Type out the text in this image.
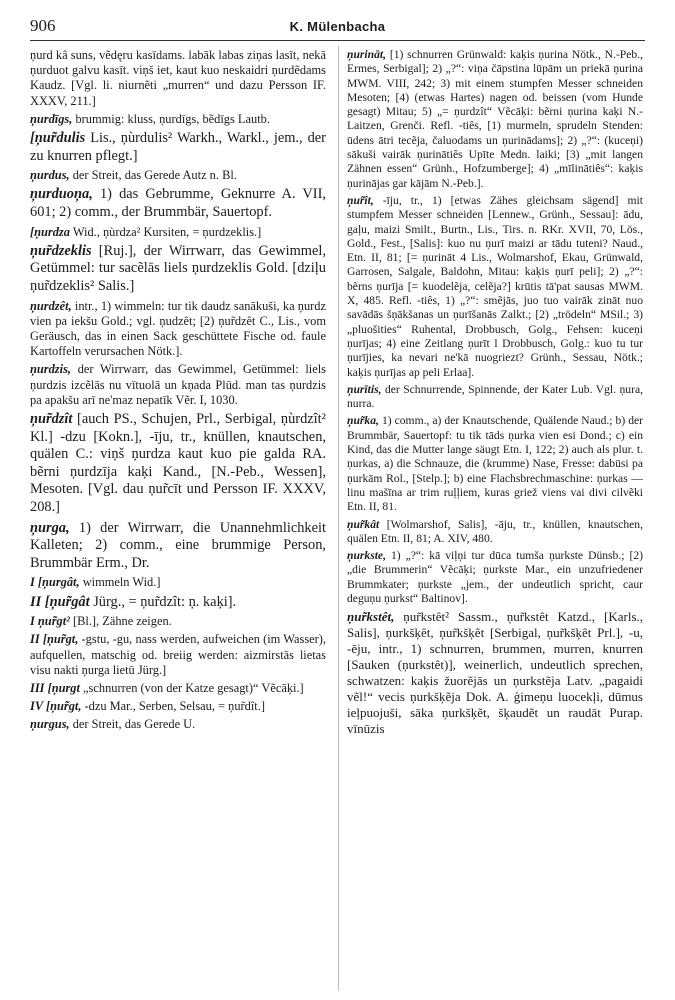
906	K. Mülenbacha

ņurd kâ suns, vẽdęru kasīdams. labāk labas ziņas lasīt, nekā ņurduot galvu kasīt. viņš iet, kaut kuo neskaidri ņurdẽdams Kaudz. [Vgl. li. niurnẽti „murren“ und dazu Persson IF. XXXV, 211.]

ņurdīgs, brummig: kluss, ņurdīgs, bẽdīgs Lautb.

[ņur̃dulis Lis., ņùrdulis² Warkh., Warkl., jem., der zu knurren pflegt.]

ņurdus, der Streit, das Gerede Autz n. Bl.

ņurduoņa, 1) das Gebrumme, Geknurre A. VII, 601; 2) comm., der Brummbär, Sauertopf.

[ņurdza Wid., ņùrdza² Kursiten, = ņurdzeklis.]

ņur̃dzeklis [Ruj.], der Wirrwarr, das Gewimmel, Getümmel: tur sacẽlās liels ņurdzeklis Gold. [dziļu ņur̃dzeklis² Salis.]

ņurdzêt, intr., 1) wimmeln: tur tik daudz sanākuši, ka ņurdz vien pa iekšu Gold.; vgl. ņudzêt; [2) ņur̃dzêt C., Lis., vom Geräusch, das in einen Sack geschüttete Fische od. faule Kartoffeln verursachen Nötk.].

ņurdzis, der Wirrwarr, das Gewimmel, Getümmel: liels ņurdzis izcẽlās nu vītuolā un kņada Plūd. man tas ņurdzis pa apakšu arī ne'maz nepatīk Vẽr. I, 1030.

ņur̃dzît [auch PS., Schujen, Prl., Serbigal, ņùrdzît² Kl.] -dzu [Kokn.], -īju, tr., knüllen, knautschen, quälen C.: viņš ņurdza kaut kuo pie galda RA. bẽrni ņurdzīja kaķi Kand., [N.-Peb., Wessen], Mesoten. [Vgl. dau ņur̃cīt und Persson IF. XXXV, 208.]

ņurga, 1) der Wirrwarr, die Unannehmlichkeit Kalleten; 2) comm., eine brummige Person, Brummbär Erm., Dr.

I [ņurgât, wimmeln Wid.]

II [ņur̃gât Jürg., = ņur̃dzît: ņ. kaķi].

I ņur̃gt² [Bl.], Zähne zeigen.

II [ņur̃gt, -gstu, -gu, nass werden, aufweichen (im Wasser), aufquellen, matschig od. breiig werden: aizmirstās lietas visu nakti ņurga lietū Jürg.]

III [ņurgt „schnurren (von der Katze gesagt)“ Vẽcāķi.]

IV [ņur̃gt, -dzu Mar., Serben, Selsau, = ņur̃dît.]

ņurgus, der Streit, das Gerede U.

ņurināt, [1) schnurren Grünwald: kaķis ņurina Nötk., N.-Peb., Ermes, Serbigal]; 2) „?“: viņa čāpstina lūpām un priekā ņurina MWM. VIII, 242; 3) mit einem stumpfen Messer schneiden Mesoten; [4) (etwas Hartes) nagen od. beissen (vom Hunde gesagt) Mitau; 5) „= ņurdzît“ Vẽcāķi: bẽrni ņurina kaķi N.-Laitzen, Grenči. Refl. -tiês, [1) murmeln, sprudeln Stenden: ūdens ātri tecẽja, čaluodams un ņurinādams]; 2) „?“: (kuceņi) sākuši vairāk ņurinātiês Upīte Medn. laiki; [3) „mit langen Zähnen essen“ Grünh., Hofzumberge]; 4) „mīlinātiês“: kaķis ņurinājas gar kājām N.-Peb.].

ņur̃ît, -īju, tr., 1) [etwas Zähes gleichsam sägend] mit stumpfem Messer schneiden [Lennew., Grünh., Sessau]: ādu, gaļu, maizi Smilt., Burtn., Lis., Tirs. n. RKr. XVII, 70, Lös., Gold., Fest., [Salis]: kuo nu ņurī maizi ar tādu tuteni? Naud., Etn. II, 81; [= ņurināt 4 Lis., Wolmarshof, Ekau, Grünwald, Garrosen, Salgale, Baldohn, Mitau: kaķis ņurī peli]; 2) „?“: bẽrns ņurīja [= kuodelẽja, celẽja?] krūtis tā'pat sausas MWM. X, 485. Refl. -tiês, 1) „?“: smẽjās, juo tuo vairāk zināt nuo savādās šņākšanas un ņurīšanās Zalkt.; [2) „trödeln“ MSil.; 3) „pluošities“ Ruhental, Drobbusch, Golg., Fehsen: kuceņi ņurījas; 4) eine Zeitlang ņurīt l Drobbusch, Golg.: kuo tu tur ņurījies, ka nevari ne'kā nuogriezt? Grünh., Sessau, Nötk.; kaķis ņurījas ap peli Erlaa].

ņurītis, der Schnurrende, Spinnende, der Kater Lub. Vgl. ņura, nurra.

ņur̃ka, 1) comm., a) der Knautschende, Quälende Naud.; b) der Brummbär, Sauertopf: tu tik tāds ņurka vien esi Dond.; c) ein Kind, das die Mutter lange säugt Etn. I, 122; 2) auch als plur. t. ņurkas, a) die Schnauze, die (krumme) Nase, Fresse: dabūsi pa ņurkām Rol., [Stelp.]; b) eine Flachsbrechmaschine: ņurkas — linu mašīna ar trim ruļļiem, kuras griež viens vai divi cilvẽki Etn. II, 81.

ņur̃kât [Wolmarshof, Salis], -āju, tr., knüllen, knautschen, quälen Etn. II, 81; A. XIV, 480.

ņurkste, 1) „?“: kā viļņi tur dūca tumša ņurkste Dünsb.; [2) „die Brummerin“ Vẽcāķi; ņurkste Mar., ein unzufriedener Brummkater; ņurkste „jem., der undeutlich spricht, caur deguņu ņurkst“ Baltinov].

ņur̃kstêt, ņur̃kstêt² Sassm., ņur̃kstêt Katzd., [Karls., Salis], ņurkšķêt, ņur̃kšķêt [Serbigal, ņur̃kšķêt Prl.], -u, -ēju, intr., 1) schnurren, brummen, murren, knurren [Sauken (ņurkstêt)], weinerlich, undeutlich sprechen, schwatzen: kaķis žuorẽjās un ņurkstẽja Latv. „pagaidi vẽl!“ vecis ņurkšķẽja Dok. A. ģimeņu luocekļi, dūmus ieļpuojuši, sāka ņurkšķẽt, šķaudẽt un raudāt Purap. vīnūzis
